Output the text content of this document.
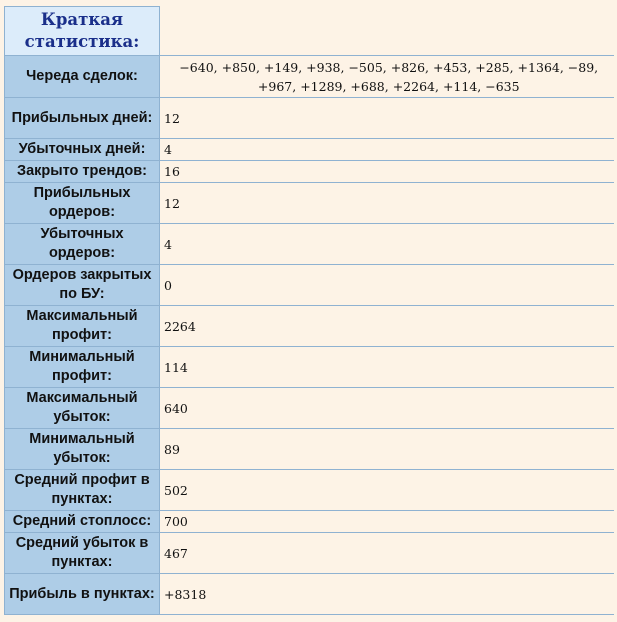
Краткая статистика:	
Череда сделок:	−640, +850, +149, +938, −505, +826, +453, +285, +1364, −89, +967, +1289, +688, +2264, +114, −635
Прибыльных дней:	12
Убыточных дней:	4
Закрыто трендов:	16
Прибыльных ордеров:	12
Убыточных ордеров:	4
Ордеров закрытых по БУ:	0
Максимальный профит:	2264
Минимальный профит:	114
Максимальный убыток:	640
Минимальный убыток:	89
Средний профит в пунктах:	502
Средний стоплосс:	700
Средний убыток в пунктах:	467
Прибыль в пунктах:	+8318
